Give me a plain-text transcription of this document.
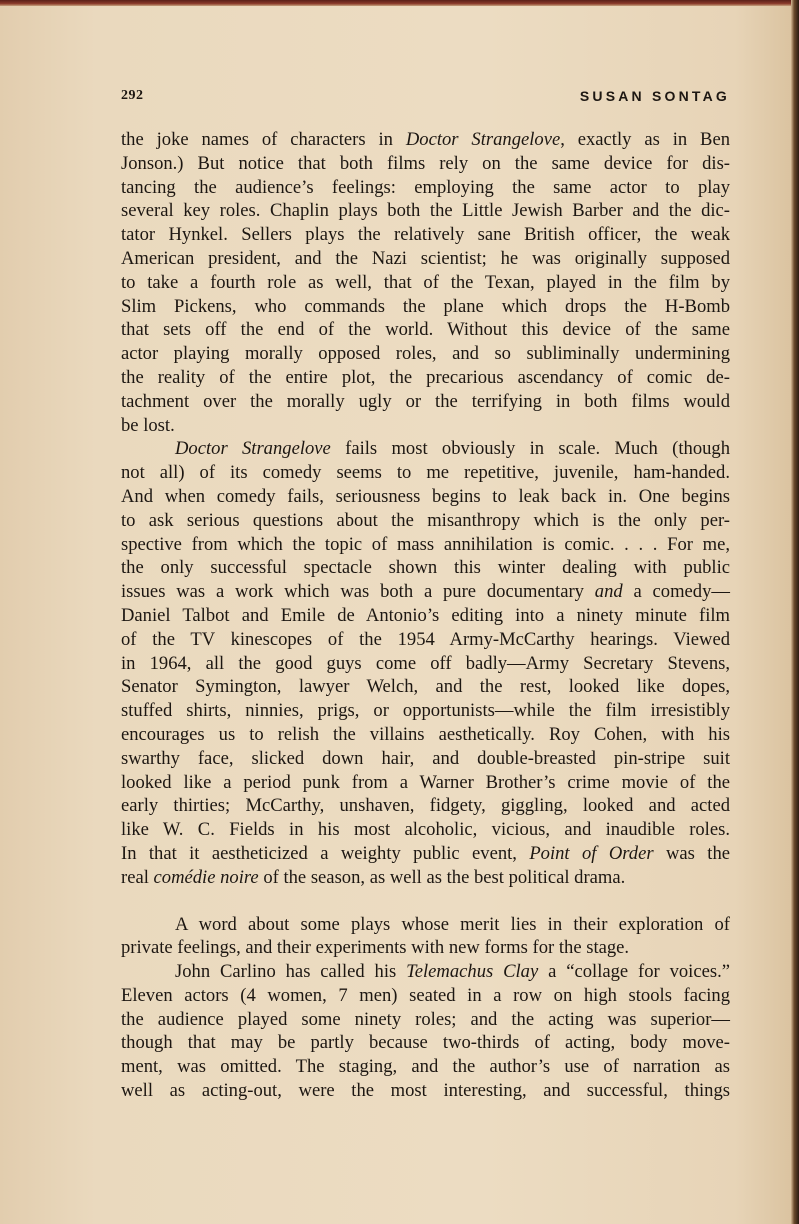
292	SUSAN SONTAG
the joke names of characters in Doctor Strangelove, exactly as in Ben
Jonson.) But notice that both films rely on the same device for dis-
tancing the audience’s feelings: employing the same actor to play
several key roles. Chaplin plays both the Little Jewish Barber and the dic-
tator Hynkel. Sellers plays the relatively sane British officer, the weak
American president, and the Nazi scientist; he was originally supposed
to take a fourth role as well, that of the Texan, played in the film by
Slim Pickens, who commands the plane which drops the H-Bomb
that sets off the end of the world. Without this device of the same
actor playing morally opposed roles, and so subliminally undermining
the reality of the entire plot, the precarious ascendancy of comic de-
tachment over the morally ugly or the terrifying in both films would
be lost.
Doctor Strangelove fails most obviously in scale. Much (though
not all) of its comedy seems to me repetitive, juvenile, ham-handed.
And when comedy fails, seriousness begins to leak back in. One begins
to ask serious questions about the misanthropy which is the only per-
spective from which the topic of mass annihilation is comic. . . . For me,
the only successful spectacle shown this winter dealing with public
issues was a work which was both a pure documentary and a comedy—
Daniel Talbot and Emile de Antonio’s editing into a ninety minute film
of the TV kinescopes of the 1954 Army-McCarthy hearings. Viewed
in 1964, all the good guys come off badly—Army Secretary Stevens,
Senator Symington, lawyer Welch, and the rest, looked like dopes,
stuffed shirts, ninnies, prigs, or opportunists—while the film irresistibly
encourages us to relish the villains aesthetically. Roy Cohen, with his
swarthy face, slicked down hair, and double-breasted pin-stripe suit
looked like a period punk from a Warner Brother’s crime movie of the
early thirties; McCarthy, unshaven, fidgety, giggling, looked and acted
like W. C. Fields in his most alcoholic, vicious, and inaudible roles.
In that it aestheticized a weighty public event, Point of Order was the
real comédie noire of the season, as well as the best political drama.
A word about some plays whose merit lies in their exploration of
private feelings, and their experiments with new forms for the stage.
John Carlino has called his Telemachus Clay a “collage for voices.”
Eleven actors (4 women, 7 men) seated in a row on high stools facing
the audience played some ninety roles; and the acting was superior—
though that may be partly because two-thirds of acting, body move-
ment, was omitted. The staging, and the author’s use of narration as
well as acting-out, were the most interesting, and successful, things
